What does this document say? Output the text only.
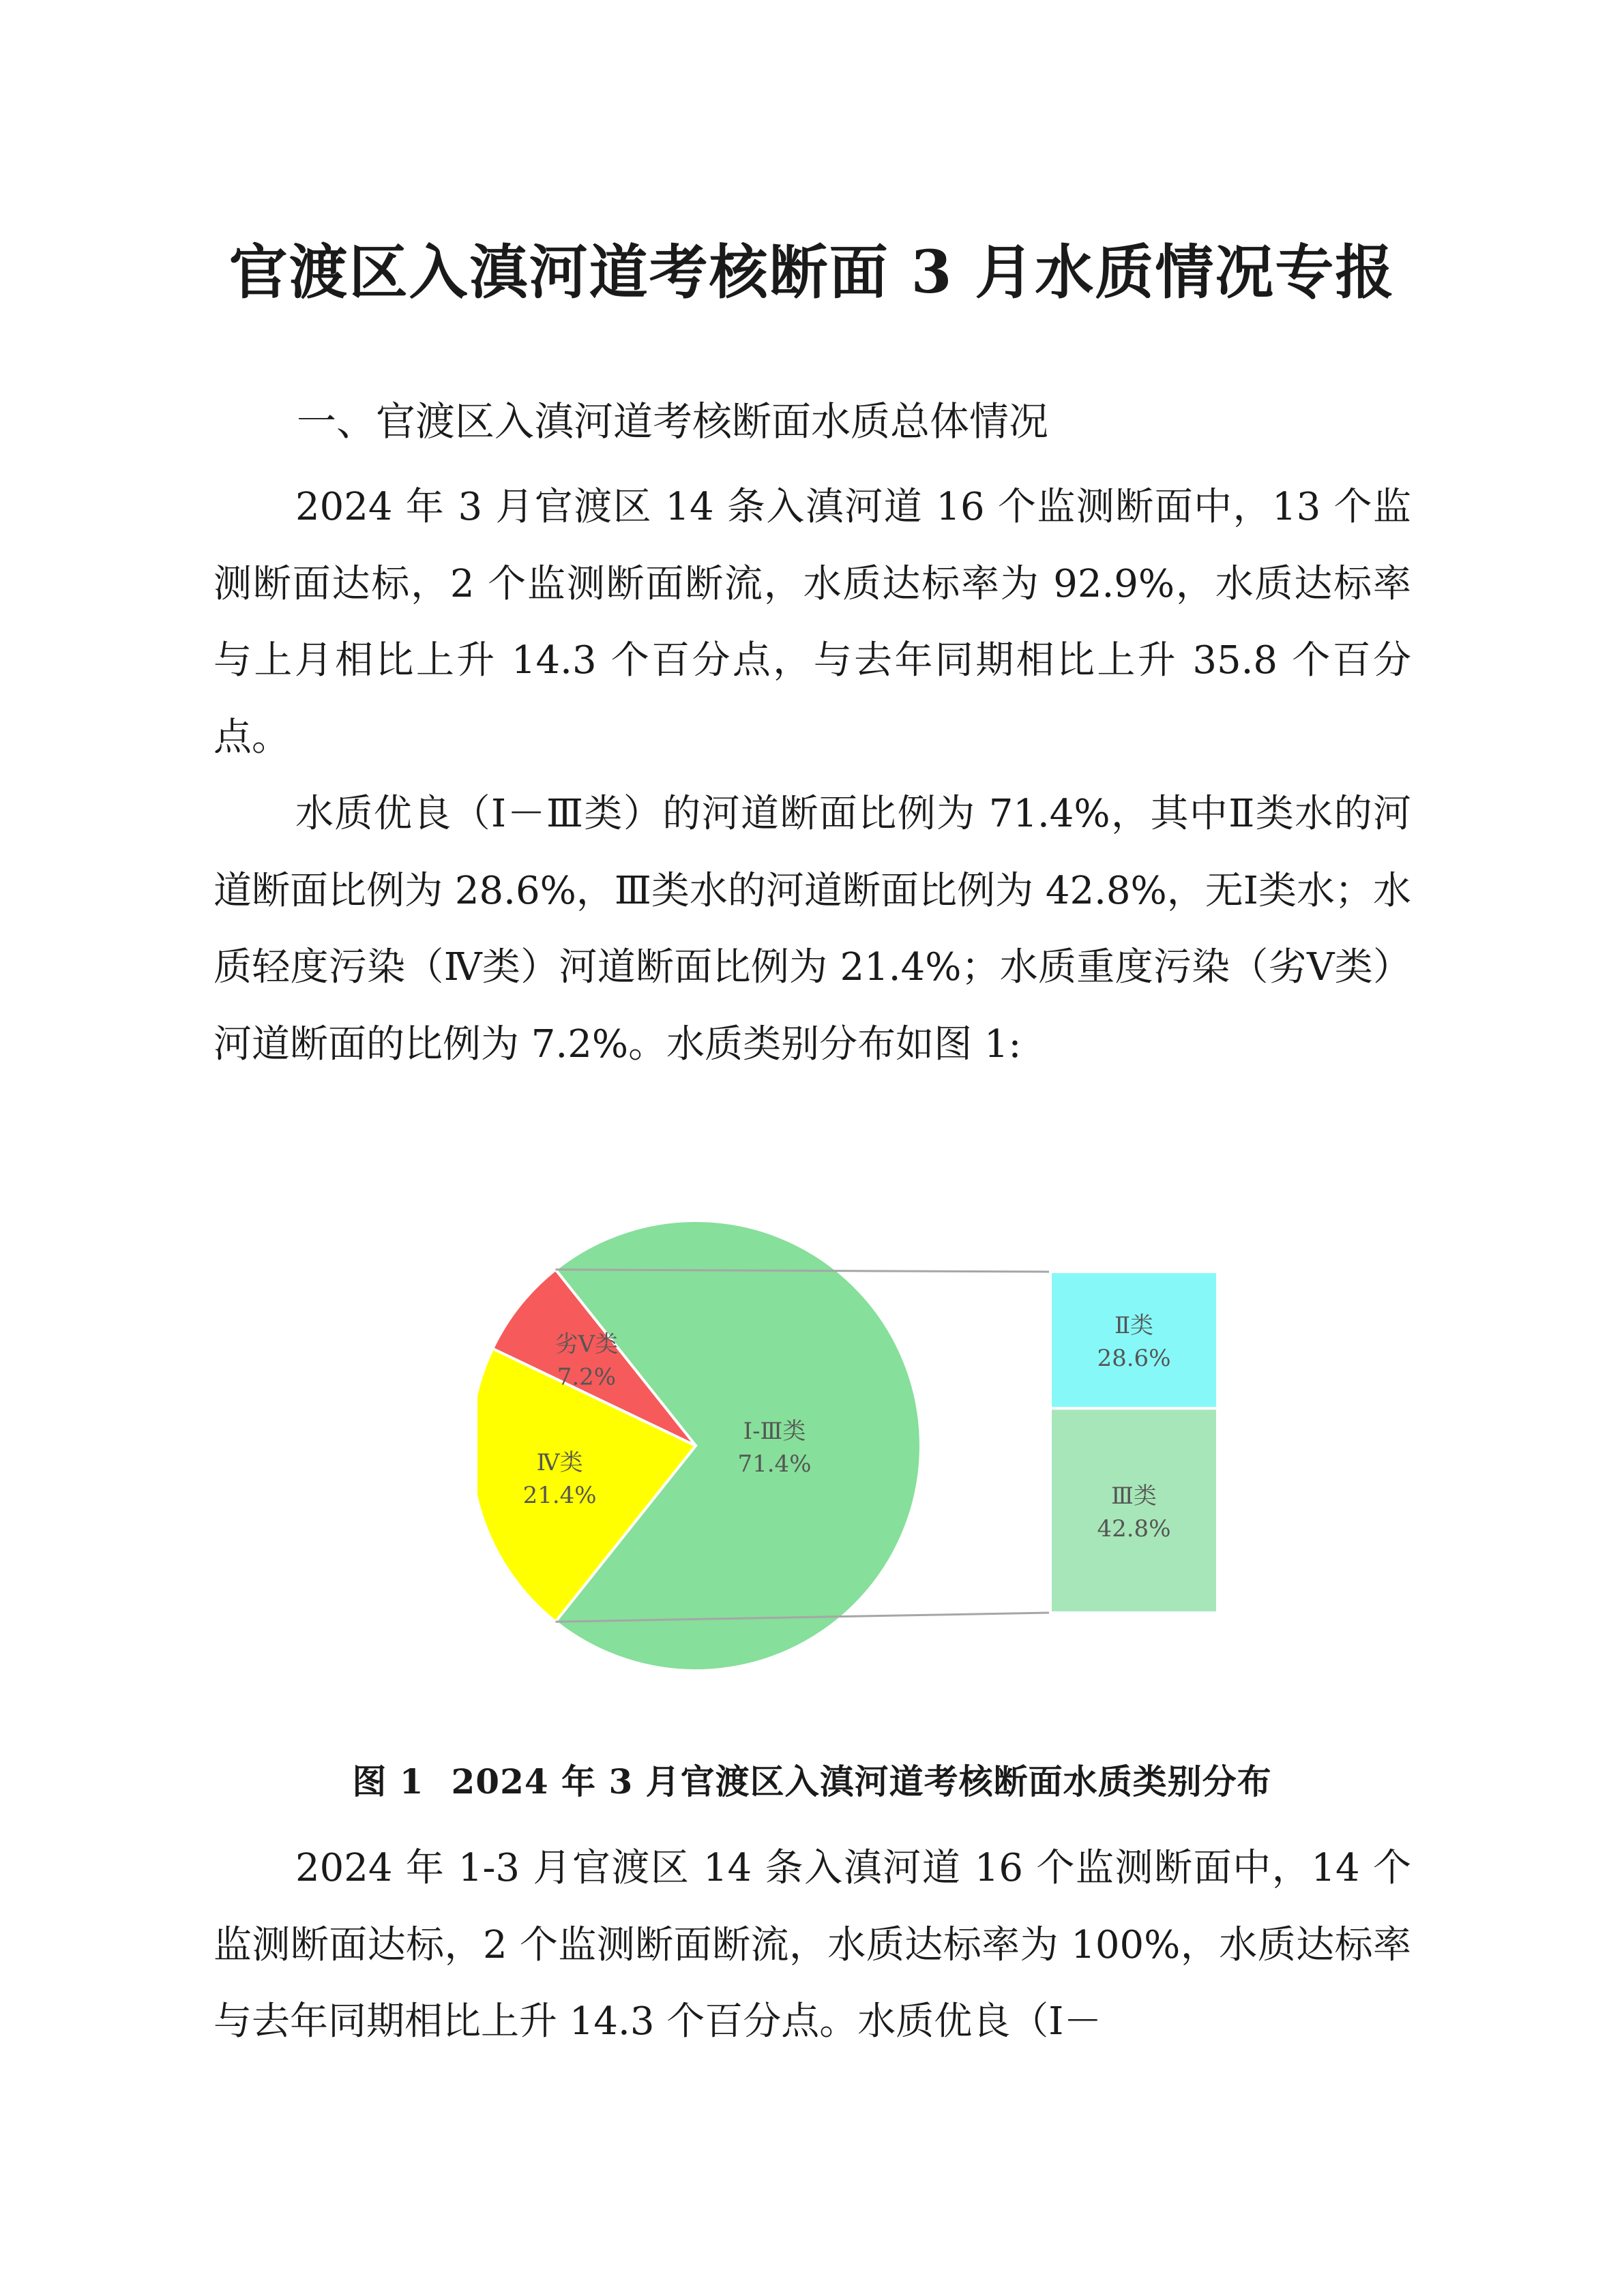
官渡区入滇河道考核断面 3 月水质情况专报
一、官渡区入滇河道考核断面水质总体情况

2024 年 3 月官渡区 14 条入滇河道 16 个监测断面中，13 个监测断面达标，2 个监测断面断流，水质达标率为 92.9%，水质达标率与上月相比上升 14.3 个百分点，与去年同期相比上升 35.8 个百分点。

水质优良（Ⅰ－Ⅲ类）的河道断面比例为 71.4%，其中Ⅱ类水的河道断面比例为 28.6%，Ⅲ类水的河道断面比例为 42.8%，无Ⅰ类水；水质轻度污染（Ⅳ类）河道断面比例为 21.4%；水质重度污染（劣Ⅴ类）河道断面的比例为 7.2%。水质类别分布如图 1:

Ⅰ-Ⅲ类
71.4%
Ⅳ类
21.4%
劣Ⅴ类
7.2%
Ⅱ类
28.6%
Ⅲ类
42.8%
图 1 2024 年 3 月官渡区入滇河道考核断面水质类别分布

2024 年 1-3 月官渡区 14 条入滇河道 16 个监测断面中，14 个监测断面达标，2 个监测断面断流，水质达标率为 100%，水质达标率与去年同期相比上升 14.3 个百分点。水质优良（Ⅰ－
